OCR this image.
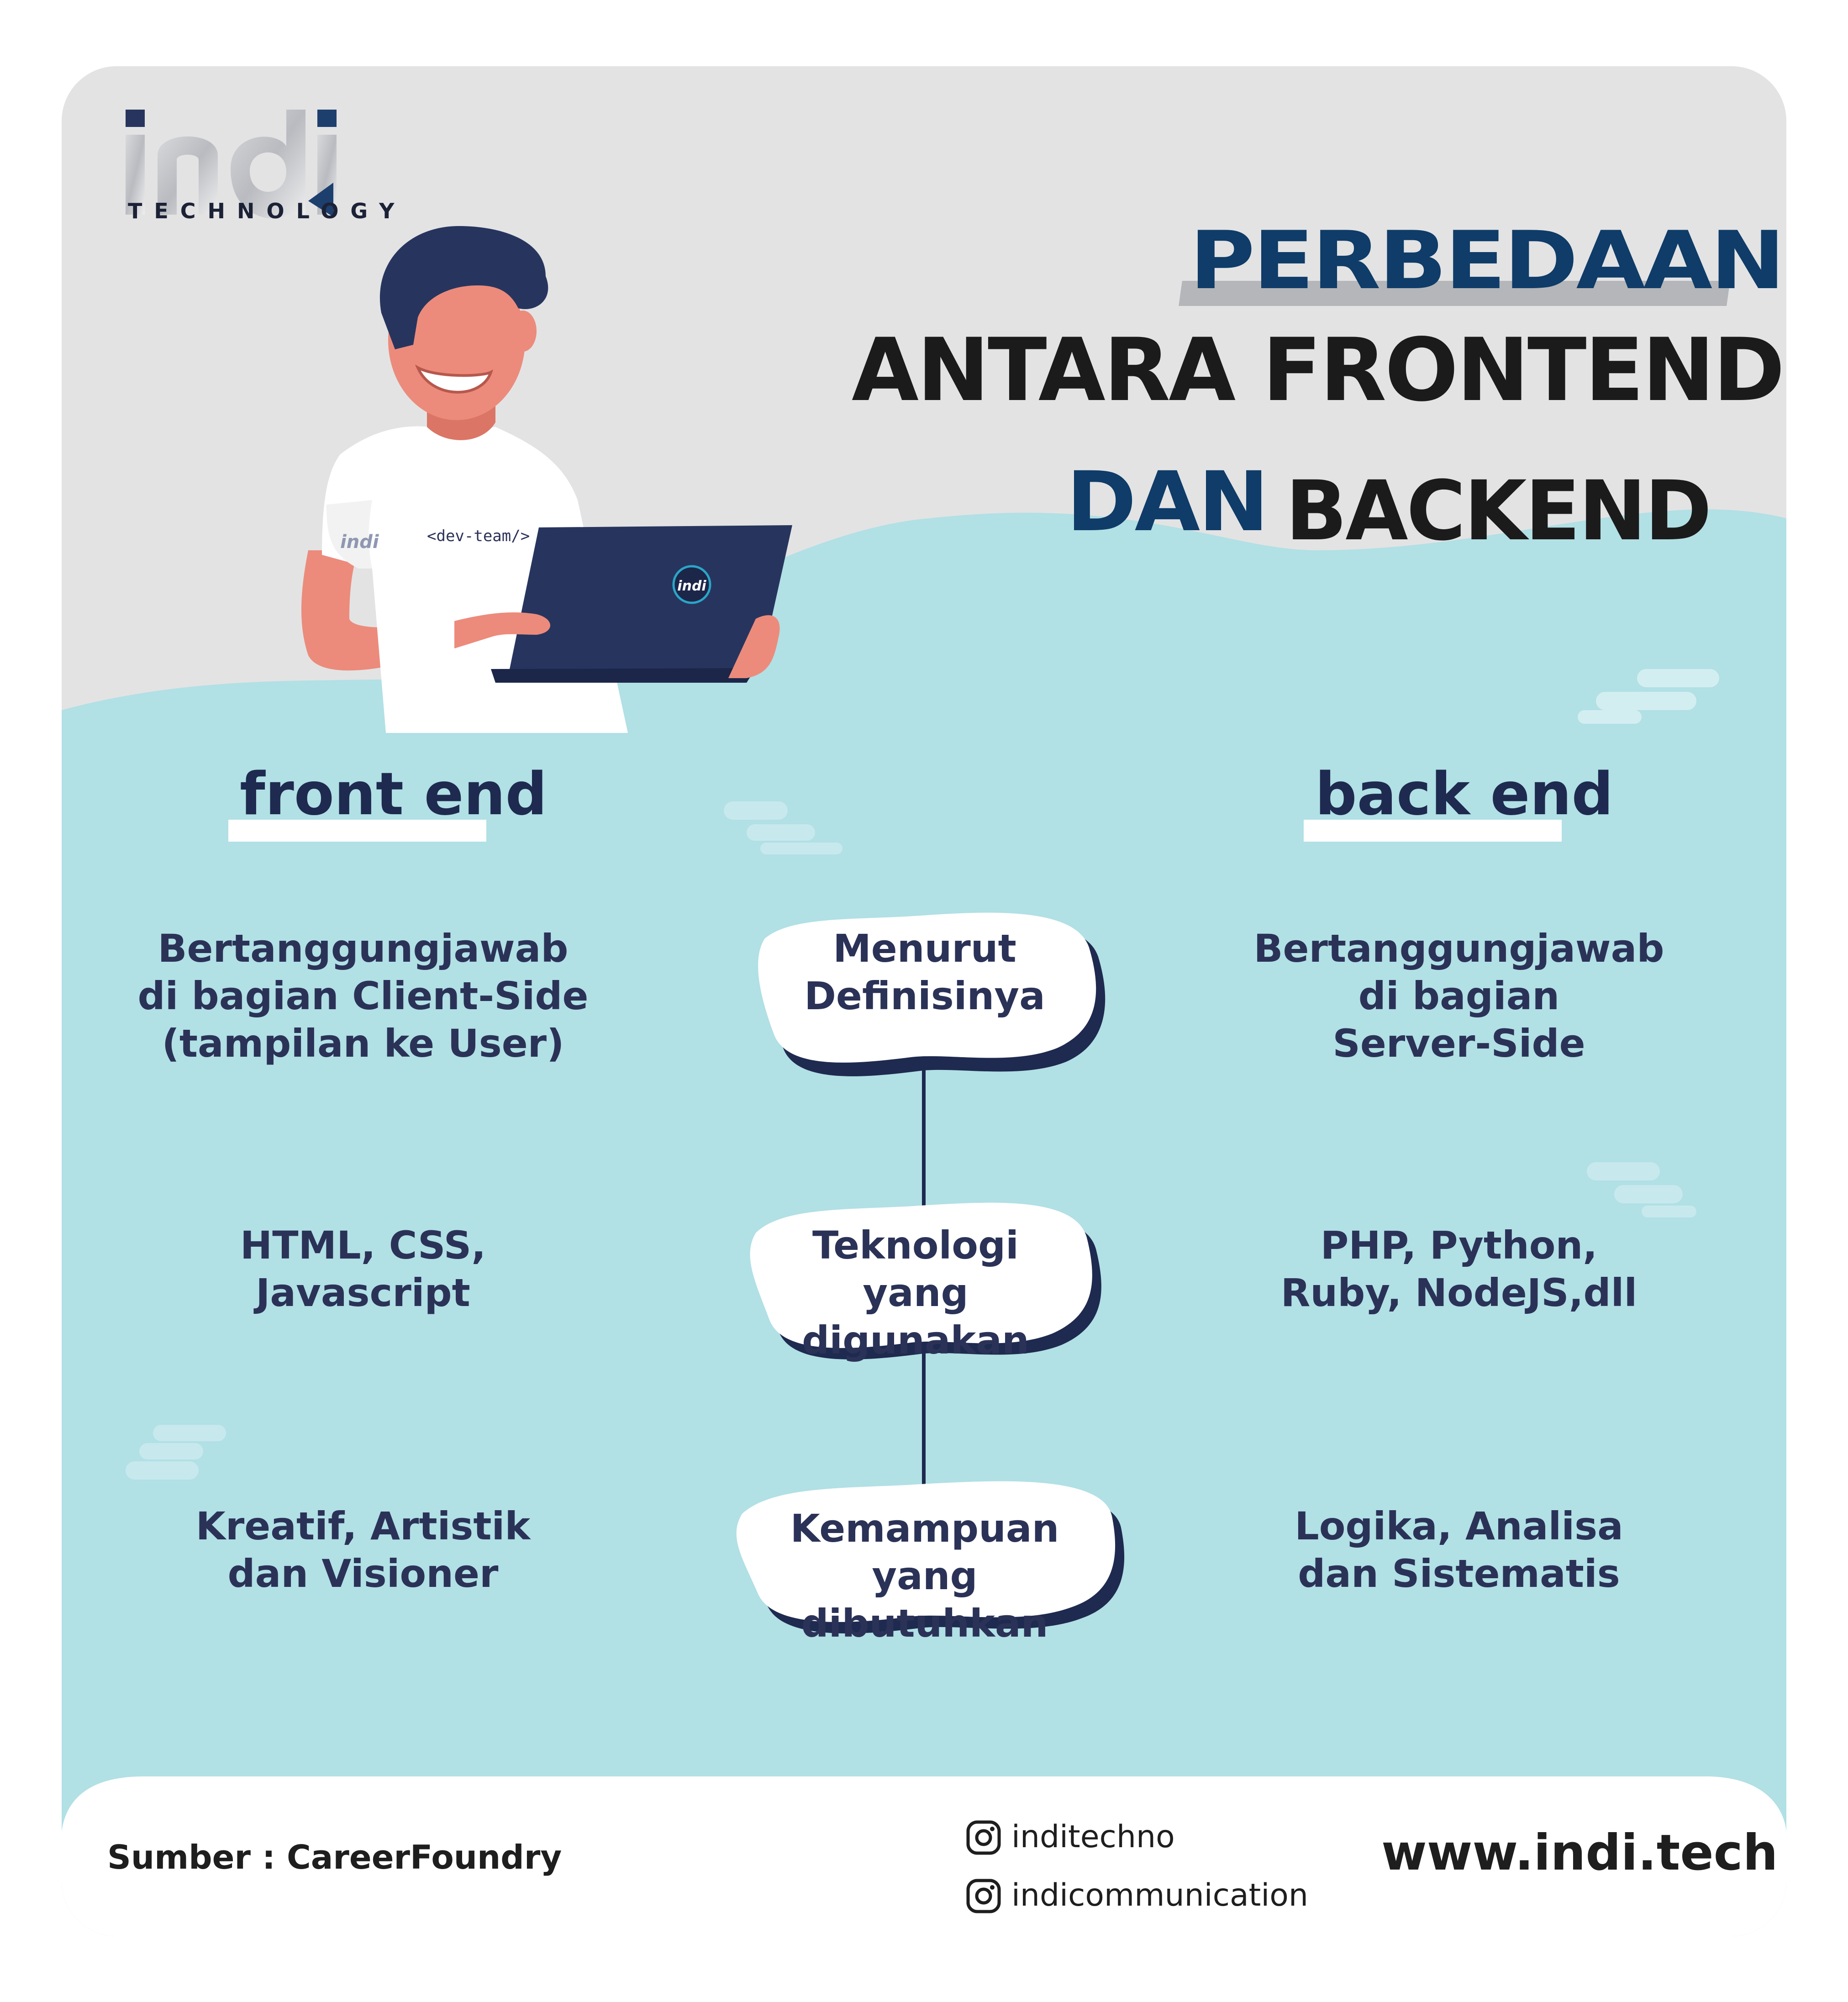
TECHNOLOGY
PERBEDAAN
ANTARA FRONTEND
DAN BACKEND
<dev-team/>
indi
indi
front end	back end
Menurut
Definisinya
Teknologi yang
digunakan
Kemampuan
yang dibutuhkan
Bertanggungjawab
di bagian Client-Side
(tampilan ke User)
HTML, CSS,
Javascript
Kreatif, Artistik
dan Visioner
Bertanggungjawab
di bagian
Server-Side
PHP, Python,
Ruby, NodeJS,dll
Logika, Analisa
dan Sistematis
Sumber : CareerFoundry
inditechno
indicommunication
www.indi.tech
